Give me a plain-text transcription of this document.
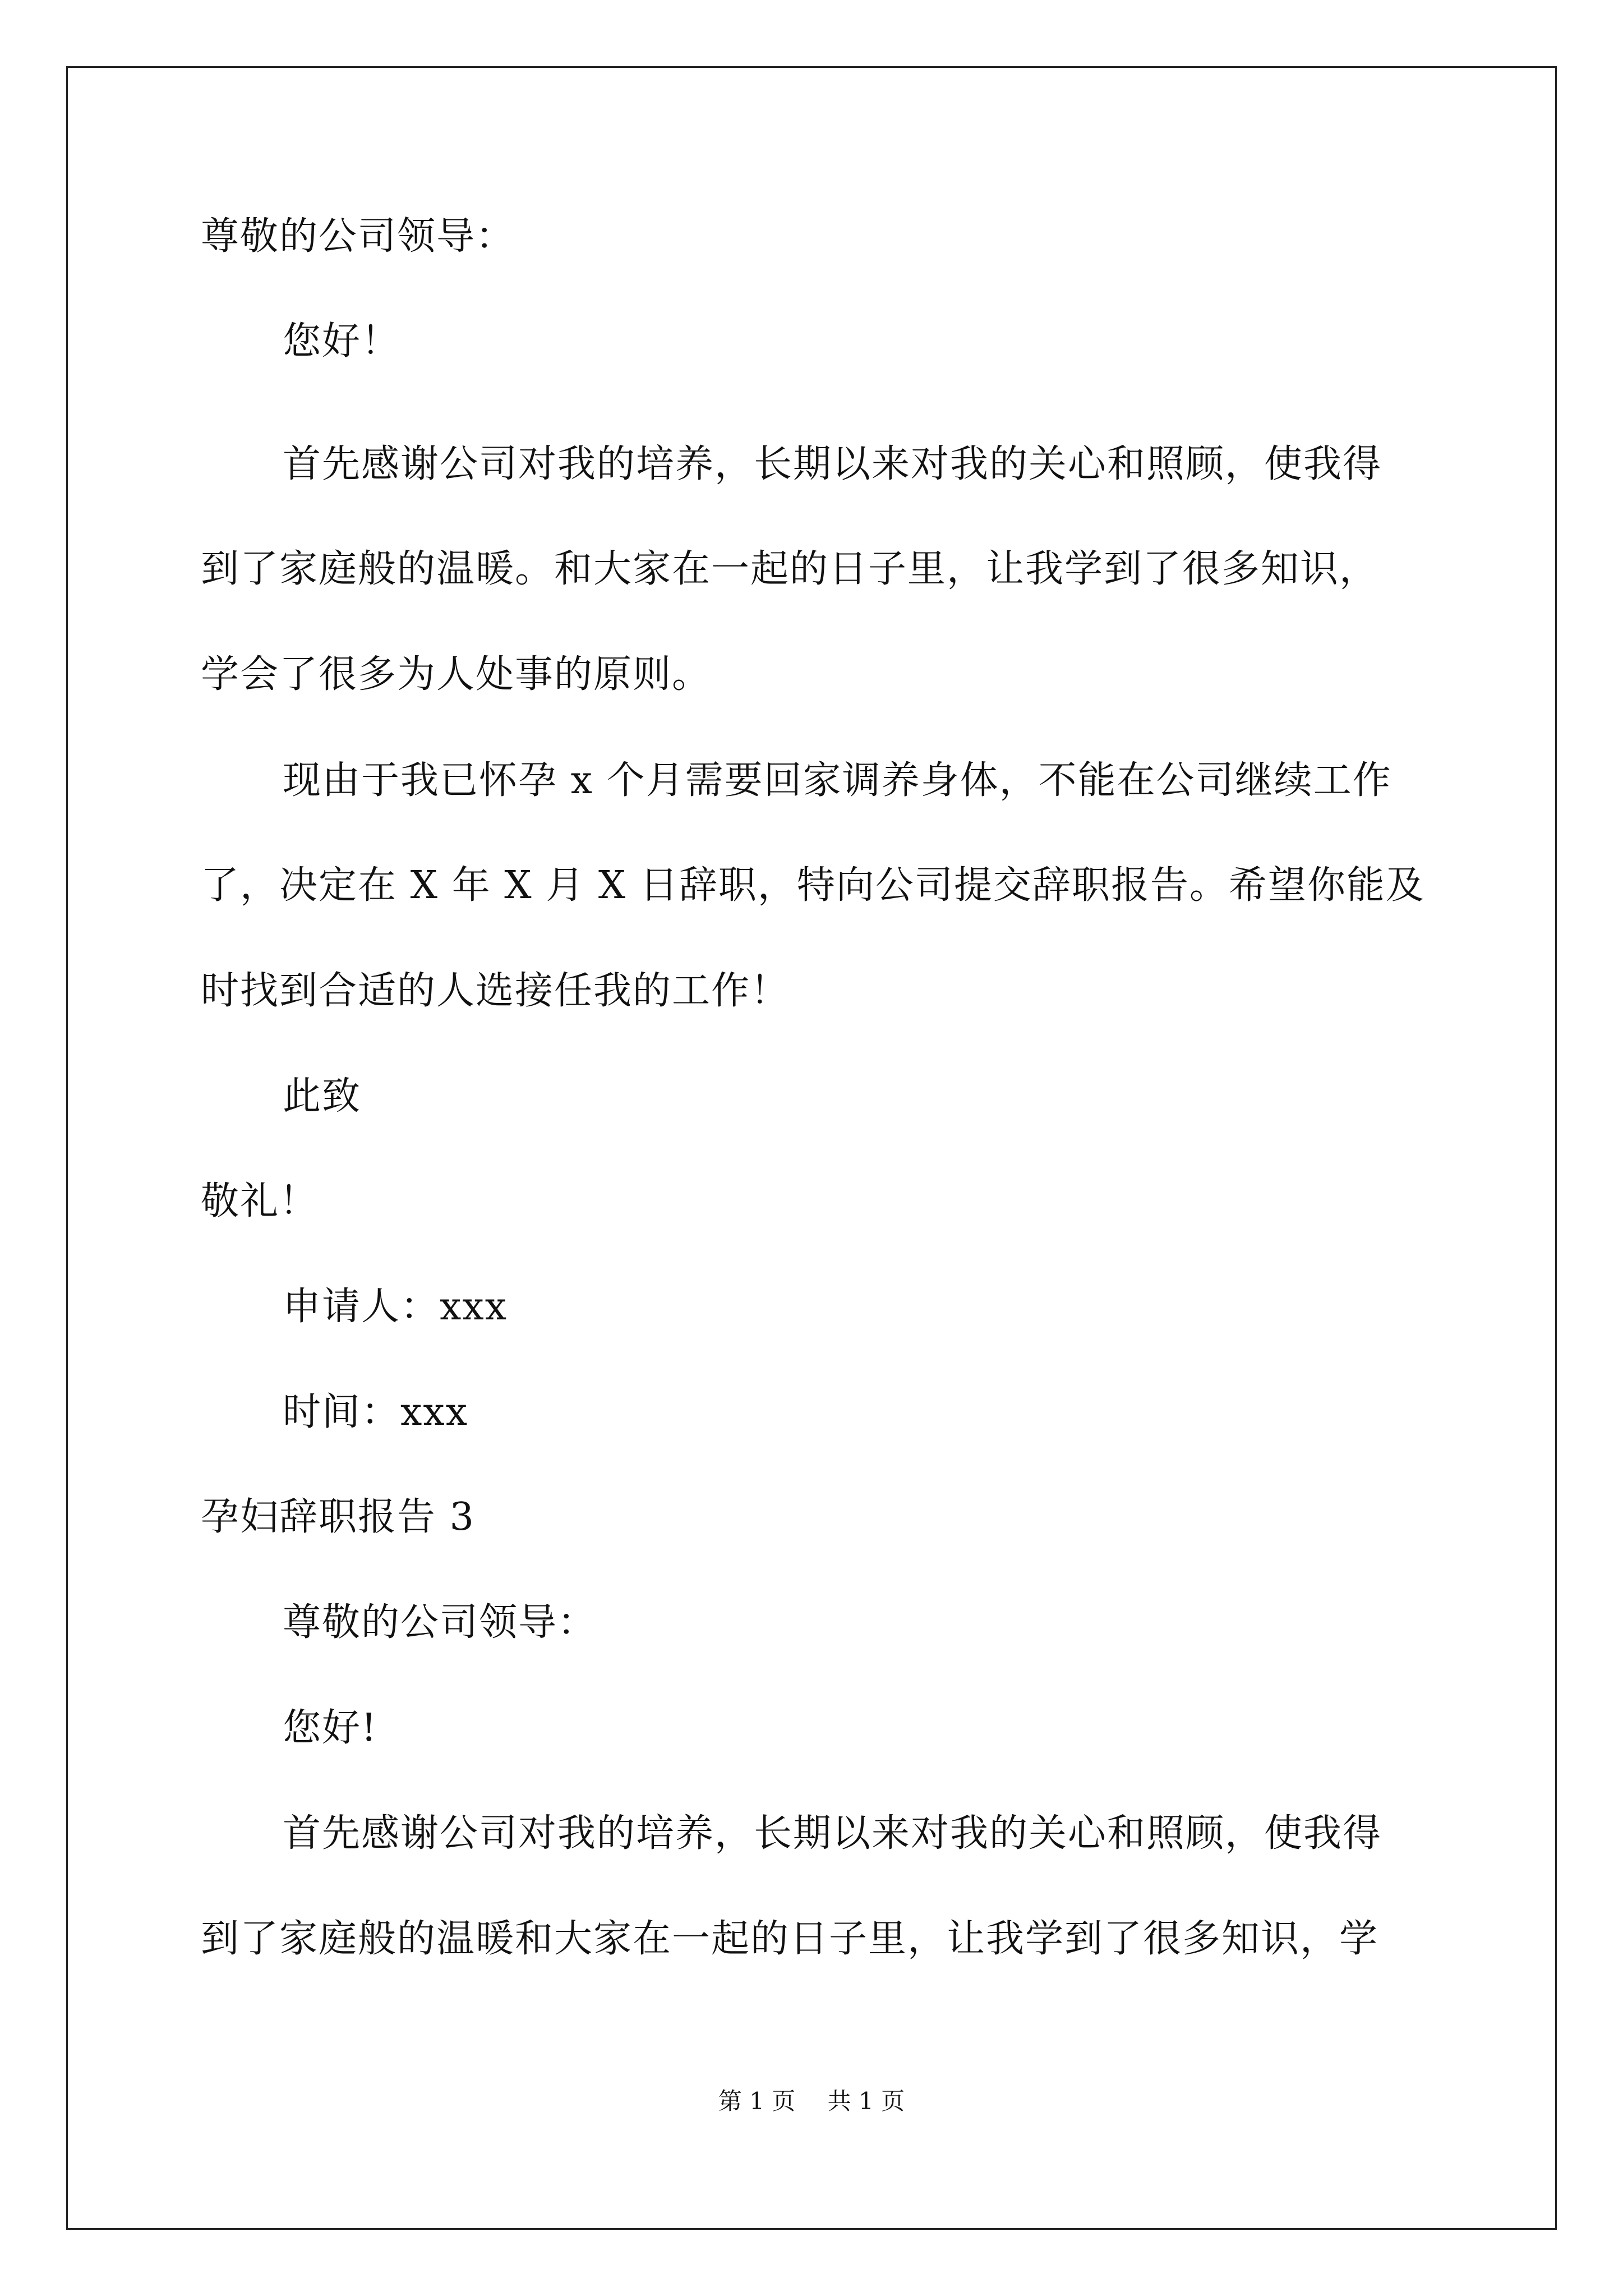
尊敬的公司领导：
您好！
首先感谢公司对我的培养，长期以来对我的关心和照顾，使我得
到了家庭般的温暖。和大家在一起的日子里，让我学到了很多知识，
学会了很多为人处事的原则。
现由于我已怀孕 x 个月需要回家调养身体，不能在公司继续工作
了，决定在 X 年 X 月 X 日辞职，特向公司提交辞职报告。希望你能及
时找到合适的人选接任我的工作！
此致
敬礼！
申请人：xxx
时间：xxx
孕妇辞职报告 3
尊敬的公司领导：
您好!
首先感谢公司对我的培养，长期以来对我的关心和照顾，使我得
到了家庭般的温暖和大家在一起的日子里，让我学到了很多知识，学
第 1 页 共 1 页
